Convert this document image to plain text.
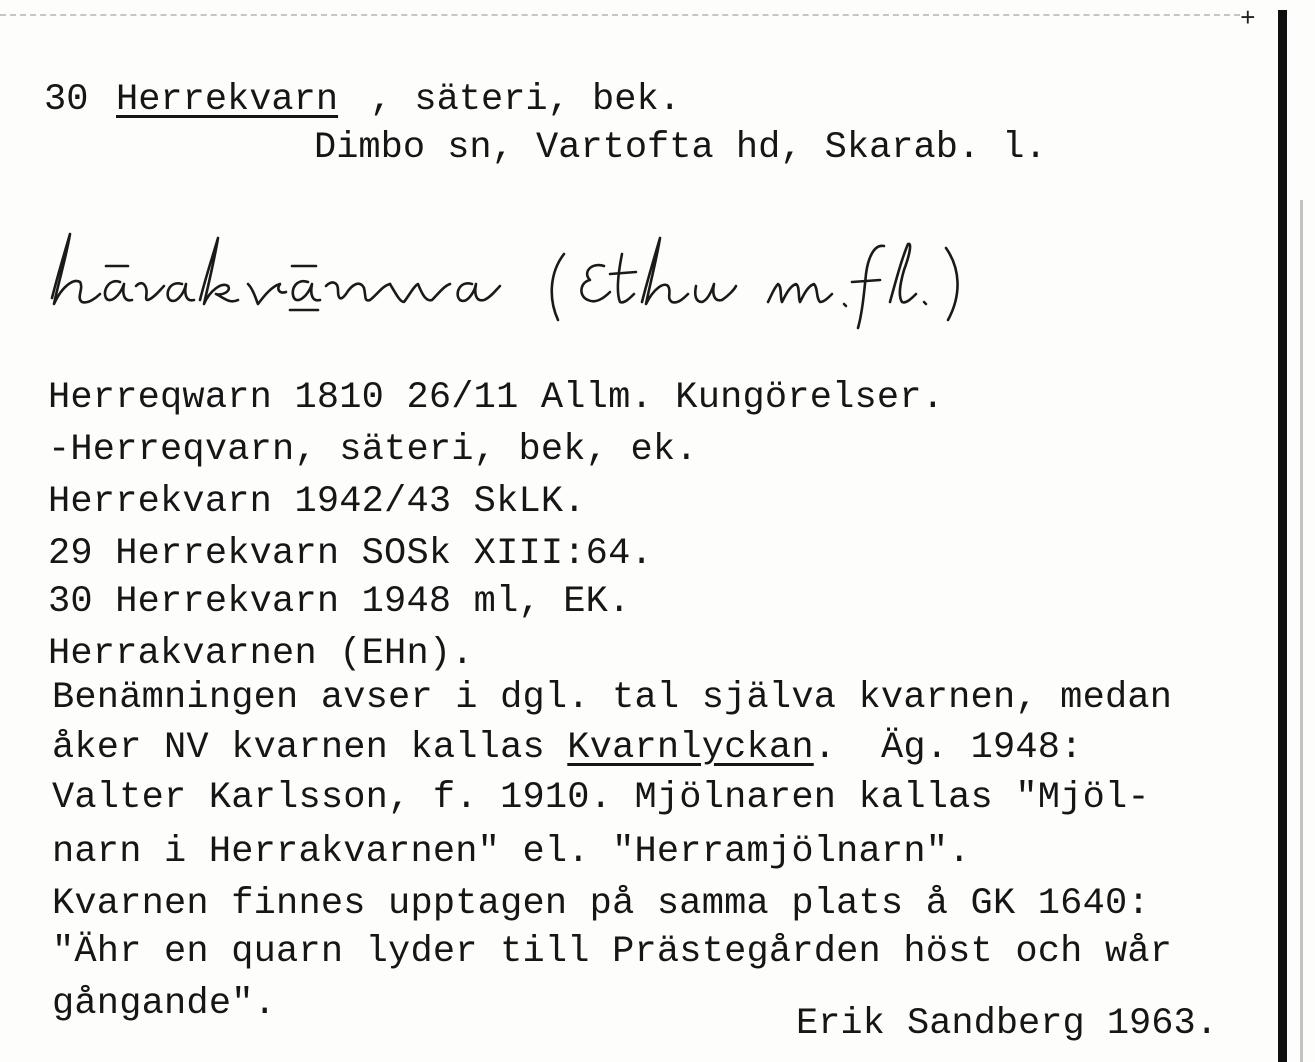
+
30 Herrekvarn , säteri, bek.
Dimbo sn, Vartofta hd, Skarab. l.
Herreqwarn 1810 26/11 Allm. Kungörelser.
-Herreqvarn, säteri, bek, ek.
Herrekvarn 1942/43 SkLK.
29 Herrekvarn SOSk XIII:64.
30 Herrekvarn 1948 ml, EK.
Herrakvarnen (EHn).
Benämningen avser i dgl. tal själva kvarnen, medan
åker NV kvarnen kallas Kvarnlyckan.  Äg. 1948:
Valter Karlsson, f. 1910. Mjölnaren kallas "Mjöl-
narn i Herrakvarnen" el. "Herramjölnarn".
Kvarnen finnes upptagen på samma plats å GK 1640:
"Ähr en quarn lyder till Prästegården höst och wår
gångande".	Erik Sandberg 1963.
